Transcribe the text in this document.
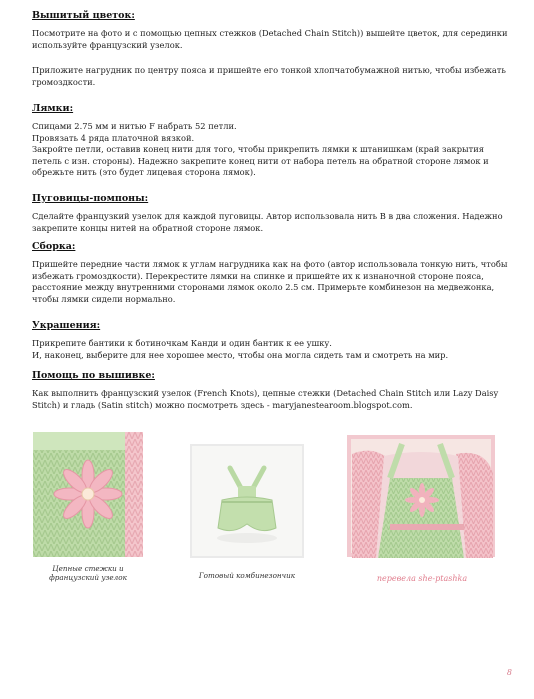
Вышитый цветок:

Посмотрите на фото и с помощью цепных стежков (Detached Chain Stitch)) вышейте цветок, для серединки используйте французский узелок.

Приложите нагрудник по центру пояса и пришейте его тонкой хлопчатобумажной нитью, чтобы избежать громоздкости.

Лямки:

Спицами 2.75 мм и нитью F набрать 52 петли.

Провязать 4 ряда платочной вязкой.

Закройте петли, оставив конец нити для того, чтобы прикрепить лямки к штанишкам (край закрытия петель с изн. стороны). Надежно закрепите конец нити от набора петель на обратной стороне лямок и обрежьте нить (это будет лицевая сторона лямок).

Пуговицы-помпоны:

Сделайте французкий узелок для каждой пуговицы. Автор использовала нить B в два сложения. Надежно закрепите концы нитей на обратной стороне лямок.

Сборка:

Пришейте передние части лямок к углам нагрудника как на фото (автор использовала тонкую нить, чтобы избежать громоздкости). Перекрестите лямки на спинке и пришейте их к изнаночной стороне пояса, расстояние между внутренними сторонами лямок около 2.5 см. Примерьте комбинезон на медвежонка, чтобы лямки сидели нормально.

Украшения:

Прикрепите бантики к ботиночкам Канди и один бантик к ее ушку.

И, наконец, выберите для нее хорошее место, чтобы она могла сидеть там и смотреть на мир.

Помощь по вышивке:

Как выполнить французский узелок (French Knots), цепные стежки (Detached Chain Stitch или Lazy Daisy Stitch) и гладь (Satin stitch) можно посмотреть здесь - maryjanestearoom.blogspot.com.

Цепные стежки и французский узелок	Готовый комбинезончик	перевела she-ptashka
8
